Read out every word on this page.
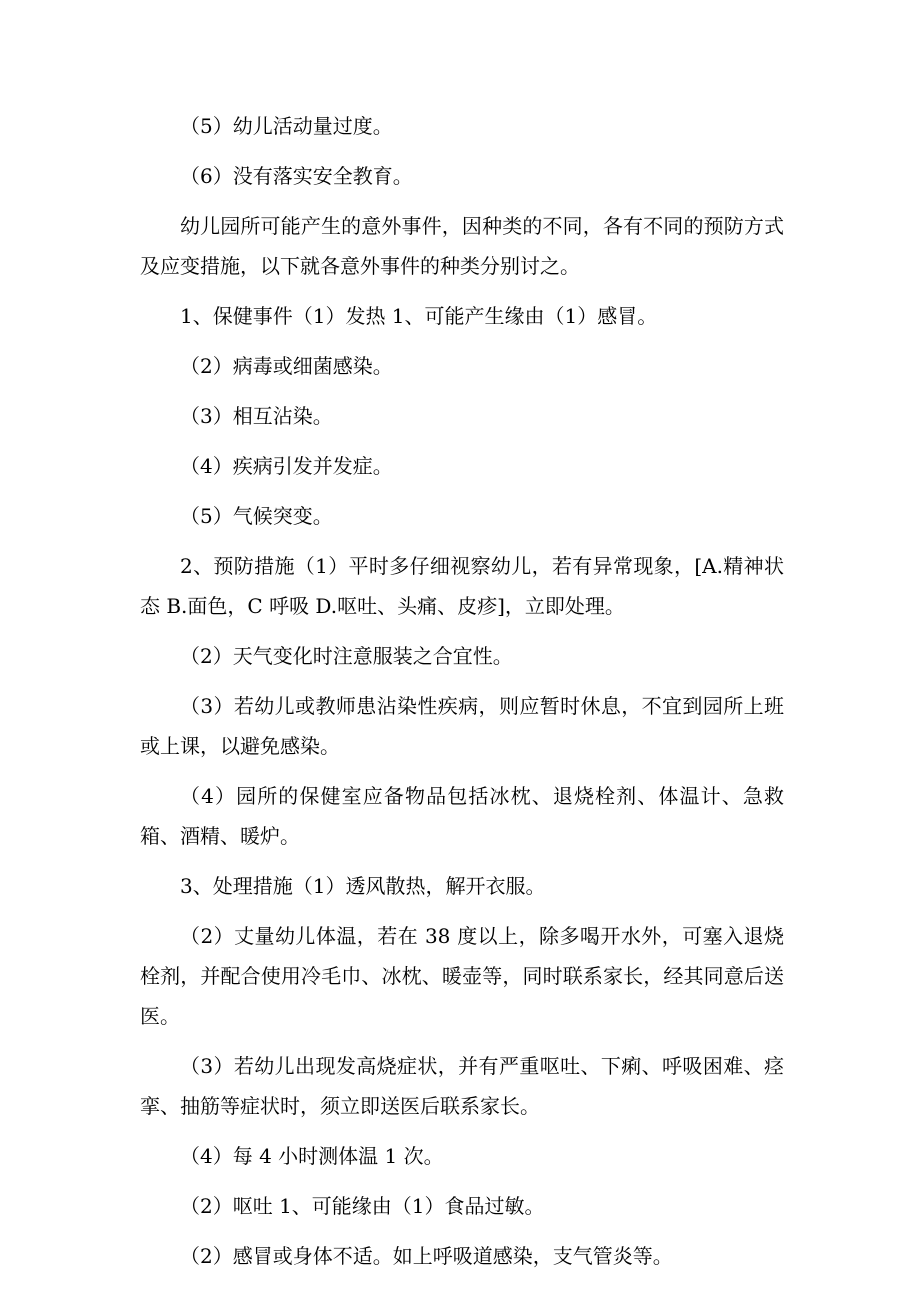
（5）幼儿活动量过度。

（6）没有落实安全教育。

幼儿园所可能产生的意外事件，因种类的不同，各有不同的预防方式及应变措施，以下就各意外事件的种类分别讨之。

1、保健事件（1）发热 1、可能产生缘由（1）感冒。

（2）病毒或细菌感染。

（3）相互沾染。

（4）疾病引发并发症。

（5）气候突变。

2、预防措施（1）平时多仔细视察幼儿，若有异常现象，[A.精神状态 B.面色，C 呼吸 D.呕吐、头痛、皮疹]，立即处理。

（2）天气变化时注意服装之合宜性。

（3）若幼儿或教师患沾染性疾病，则应暂时休息，不宜到园所上班或上课，以避免感染。

（4）园所的保健室应备物品包括冰枕、退烧栓剂、体温计、急救箱、酒精、暖炉。

3、处理措施（1）透风散热，解开衣服。

（2）丈量幼儿体温，若在 38 度以上，除多喝开水外，可塞入退烧栓剂，并配合使用冷毛巾、冰枕、暖壶等，同时联系家长，经其同意后送医。

（3）若幼儿出现发高烧症状，并有严重呕吐、下痢、呼吸困难、痉挛、抽筋等症状时，须立即送医后联系家长。

（4）每 4 小时测体温 1 次。

（2）呕吐 1、可能缘由（1）食品过敏。

（2）感冒或身体不适。如上呼吸道感染，支气管炎等。
